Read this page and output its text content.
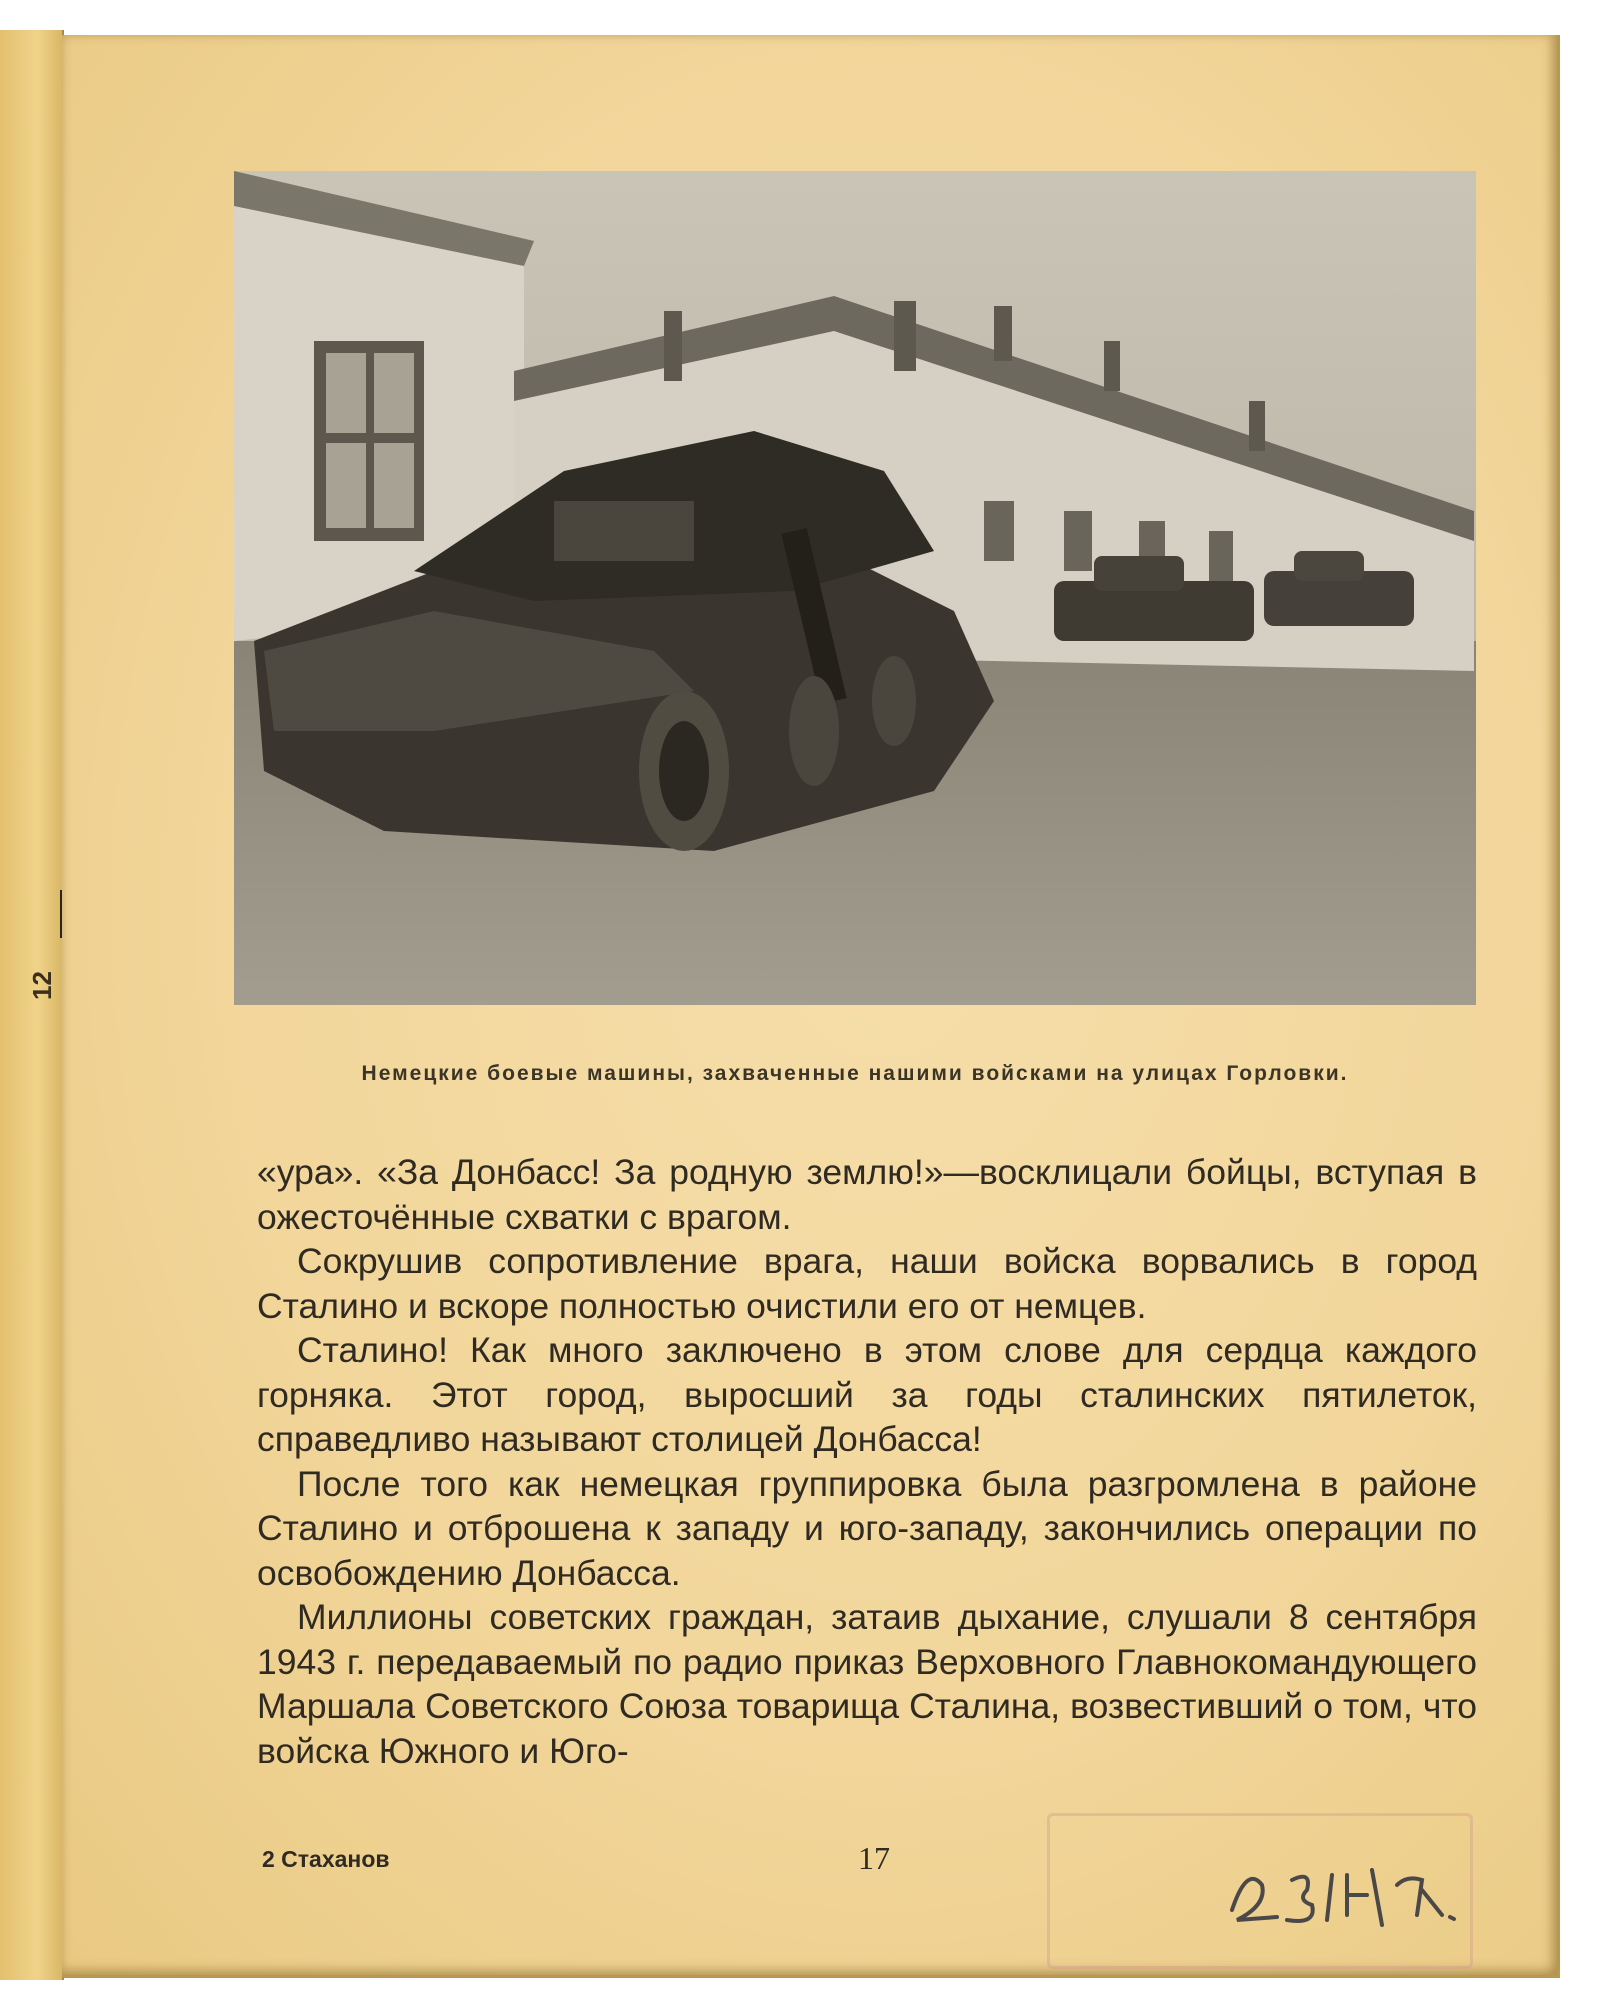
12
Немецкие боевые машины, захваченные нашими войсками на улицах Горловки.

«ура». «За Донбасс! За родную землю!»—восклицали бойцы, вступая в ожесточённые схватки с врагом.

Сокрушив сопротивление врага, наши войска ворвались в город Сталино и вскоре полностью очистили его от немцев.

Сталино! Как много заключено в этом слове для сердца каждого горняка. Этот город, выросший за годы сталинских пятилеток, справедливо называют столицей Донбасса!

После того как немецкая группировка была разгромлена в районе Сталино и отброшена к западу и юго-западу, закончились операции по освобождению Донбасса.

Миллионы советских граждан, затаив дыхание, слушали 8 сентября 1943 г. передаваемый по радио приказ Верховного Главнокомандующего Маршала Советского Союза товарища Сталина, возвестивший о том, что войска Южного и Юго-

2 Стаханов	17
